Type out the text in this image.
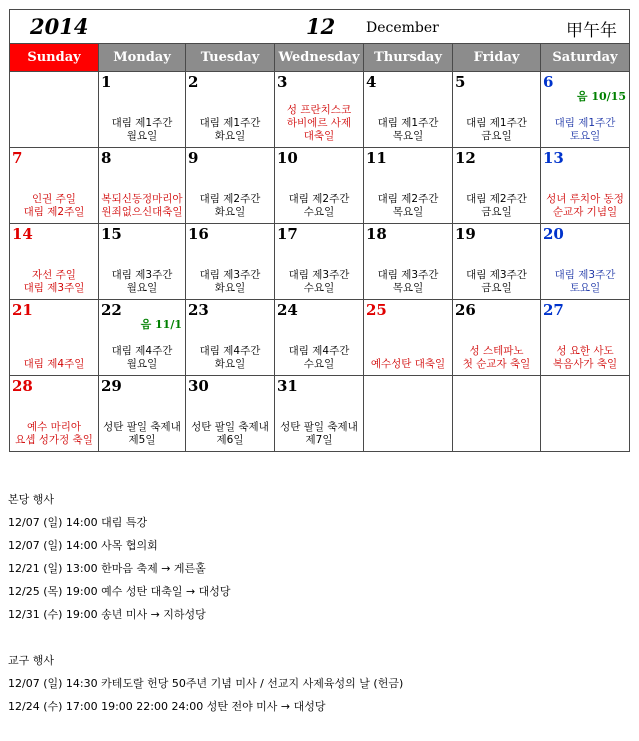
2014 12 December 甲午年						

Sunday	Monday	Tuesday	Wednesday	Thursday	Friday	Saturday

	1
대림 제1주간
월요일	2
대림 제1주간
화요일	3
성 프란치스코
하비에르 사제
대축일	4
대림 제1주간
목요일	5
대림 제1주간
금요일	6
음 10/15
대림 제1주간
토요일

7
인권 주일
대림 제2주일	8
복되신동정마리아
원죄없으신대축일	9
대림 제2주간
화요일	10
대림 제2주간
수요일	11
대림 제2주간
목요일	12
대림 제2주간
금요일	13
성녀 루치아 동정
순교자 기념일

14
자선 주일
대림 제3주일	15
대림 제3주간
월요일	16
대림 제3주간
화요일	17
대림 제3주간
수요일	18
대림 제3주간
목요일	19
대림 제3주간
금요일	20
대림 제3주간
토요일

21
대림 제4주일	22
음 11/1
대림 제4주간
월요일	23
대림 제4주간
화요일	24
대림 제4주간
수요일	25
예수성탄 대축일	26
성 스테파노
첫 순교자 축일	27
성 요한 사도
복음사가 축일

28
예수 마리아
요셉 성가정 축일	29
성탄 팔일 축제내
제5일	30
성탄 팔일 축제내
제6일	31
성탄 팔일 축제내
제7일			

본당 행사
12/07 (일) 14:00 대림 특강
12/07 (일) 14:00 사목 협의회
12/21 (일) 13:00 한마음 축제 → 게른홀
12/25 (목) 19:00 예수 성탄 대축일 → 대성당
12/31 (수) 19:00 송년 미사 → 지하성당
교구 행사
12/07 (일) 14:30 카테도랄 헌당 50주년 기념 미사 / 선교지 사제육성의 날 (헌금)
12/24 (수) 17:00 19:00 22:00 24:00 성탄 전야 미사 → 대성당
